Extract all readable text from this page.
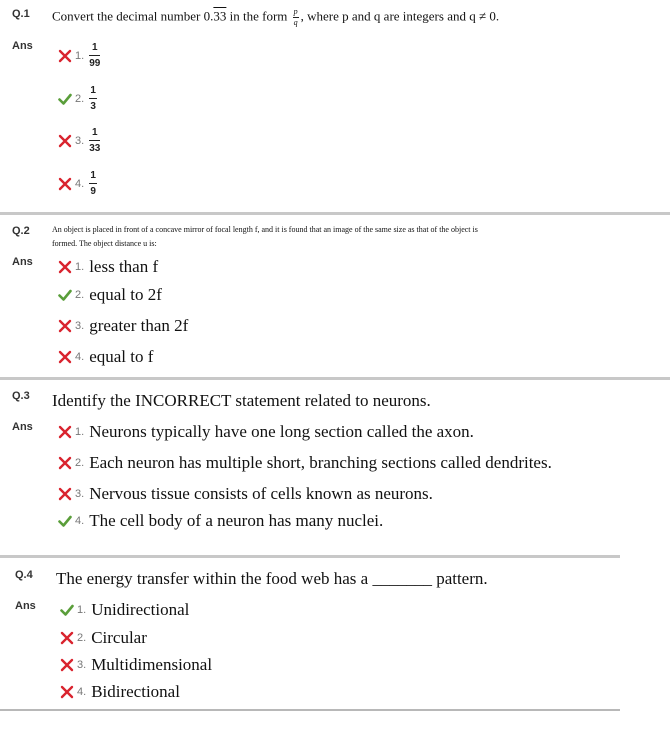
Q.1 Convert the decimal number 0.33 in the form $\frac{p}{q}$ , where p and q are integers and q ≠ 0.
Ans
1. $\frac{1}{99}$
2. $\frac{1}{3}$
3. $\frac{1}{33}$
4. $\frac{1}{9}$
Q.2	An object is placed in front of a concave mirror of focal length f, and it is found that an image of the same size as that of the object is
formed. The object distance u is:
Ans	1. less than f
2. equal to 2f
3. greater than 2f
4. equal to f
Q.3 Identify the INCORRECT statement related to neurons.
Ans	1. Neurons typically have one long section called the axon.
2. Each neuron has multiple short, branching sections called dendrites.
3. Nervous tissue consists of cells known as neurons.
4. The cell body of a neuron has many nuclei.
Q.4 The energy transfer within the food web has a _______ pattern.
Ans	1. Unidirectional
2. Circular
3. Multidimensional
4. Bidirectional
